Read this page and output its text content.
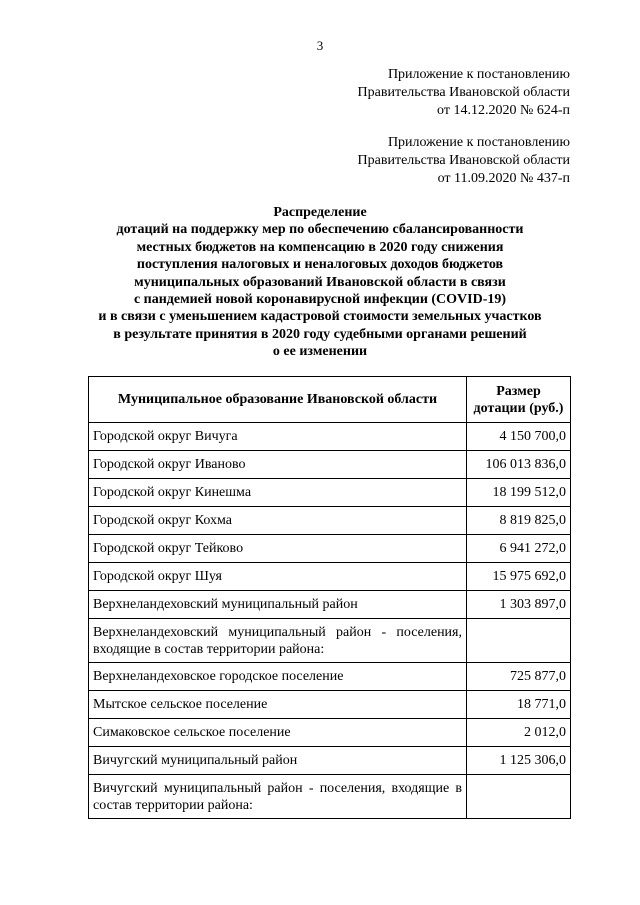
3
Приложение к постановлению
Правительства Ивановской области
от 14.12.2020 № 624-п
Приложение к постановлению
Правительства Ивановской области
от 11.09.2020 № 437-п
Распределение
дотаций на поддержку мер по обеспечению сбалансированности
местных бюджетов на компенсацию в 2020 году снижения
поступления налоговых и неналоговых доходов бюджетов
муниципальных образований Ивановской области в связи
с пандемией новой коронавирусной инфекции (COVID-19)
и в связи с уменьшением кадастровой стоимости земельных участков
в результате принятия в 2020 году судебными органами решений
о ее изменении
Муниципальное образование Ивановской области	Размер дотации (руб.)
Городской округ Вичуга	4 150 700,0
Городской округ Иваново	106 013 836,0
Городской округ Кинешма	18 199 512,0
Городской округ Кохма	8 819 825,0
Городской округ Тейково	6 941 272,0
Городской округ Шуя	15 975 692,0
Верхнеландеховский муниципальный район	1 303 897,0
Верхнеландеховский муниципальный район - поселения, входящие в состав территории района:	
Верхнеландеховское городское поселение	725 877,0
Мытское сельское поселение	18 771,0
Симаковское сельское поселение	2 012,0
Вичугский муниципальный район	1 125 306,0
Вичугский муниципальный район - поселения, входящие в состав территории района:	
